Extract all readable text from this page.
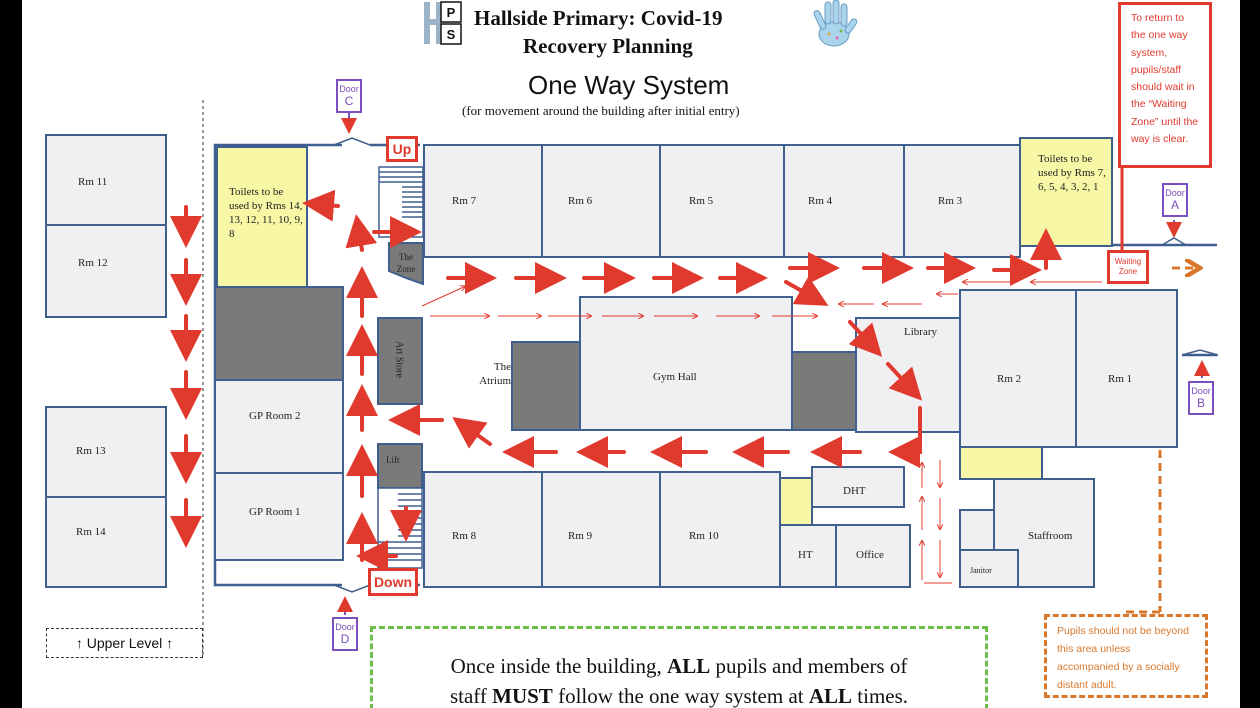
P
S
Hallside Primary: Covid-19
Recovery Planning
One Way System
(for movement around the building after initial entry)
Door
C
Door
A
Door
B
Door
D
Rm 11
Rm 12
Rm 13
Rm 14
Rm 7	Rm 6	Rm 5	Rm 4	Rm 3
Rm 8	Rm 9	Rm 10
Rm 2	Rm 1
GP Room 2
GP Room 1
The Zone
Art Store	The Atrium	Gym Hall
Library
Lift
DHT
HT	Office
Staffroom
Janitor
Toilets to be used by Rms 14, 13, 12, 11, 10, 9, 8
Toilets to be used by Rms 7, 6, 5, 4, 3, 2, 1
Up
Down
Waiting Zone
To return to the one way system, pupils/staff should wait in the “Waiting Zone” until the way is clear.
Pupils should not be beyond this area unless accompanied by a socially distant adult.
↑ Upper Level ↑
Once inside the building, ALL pupils and members of
staff MUST follow the one way system at ALL times.
